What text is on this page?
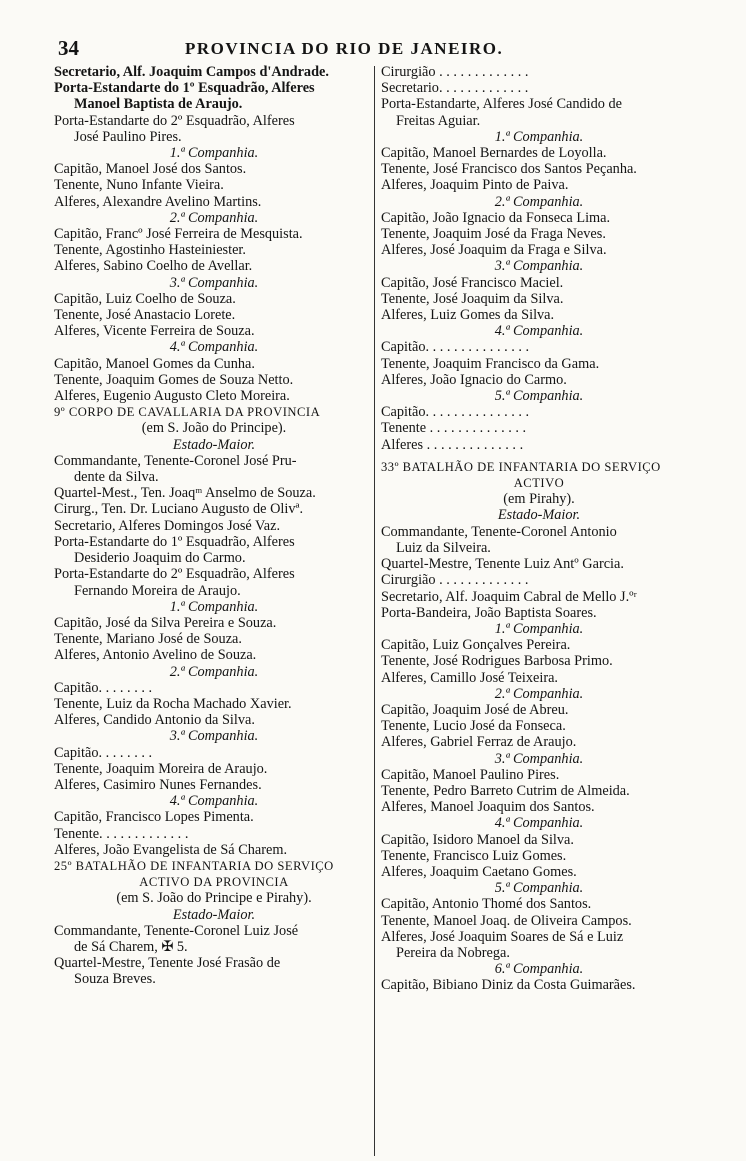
34	PROVINCIA DO RIO DE JANEIRO.
Secretario, Alf. Joaquim Campos d'Andrade.
Porta-Estandarte do 1º Esquadrão, Alferes
Manoel Baptista de Araujo.
Porta-Estandarte do 2º Esquadrão, Alferes
José Paulino Pires.
1.ª Companhia.
Capitão, Manoel José dos Santos.
Tenente, Nuno Infante Vieira.
Alferes, Alexandre Avelino Martins.
2.ª Companhia.
Capitão, Francº José Ferreira de Mesquista.
Tenente, Agostinho Hasteiniester.
Alferes, Sabino Coelho de Avellar.
3.ª Companhia.
Capitão, Luiz Coelho de Souza.
Tenente, José Anastacio Lorete.
Alferes, Vicente Ferreira de Souza.
4.ª Companhia.
Capitão, Manoel Gomes da Cunha.
Tenente, Joaquim Gomes de Souza Netto.
Alferes, Eugenio Augusto Cleto Moreira.
9º CORPO DE CAVALLARIA DA PROVINCIA
(em S. João do Principe).
Estado-Maior.
Commandante, Tenente-Coronel José Pru-
dente da Silva.
Quartel-Mest., Ten. Joaqᵐ Anselmo de Souza.
Cirurg., Ten. Dr. Luciano Augusto de Olivª.
Secretario, Alferes Domingos José Vaz.
Porta-Estandarte do 1º Esquadrão, Alferes
Desiderio Joaquim do Carmo.
Porta-Estandarte do 2º Esquadrão, Alferes
Fernando Moreira de Araujo.
1.ª Companhia.
Capitão, José da Silva Pereira e Souza.
Tenente, Mariano José de Souza.
Alferes, Antonio Avelino de Souza.
2.ª Companhia.
Capitão. . . . . . . .
Tenente, Luiz da Rocha Machado Xavier.
Alferes, Candido Antonio da Silva.
3.ª Companhia.
Capitão. . . . . . . .
Tenente, Joaquim Moreira de Araujo.
Alferes, Casimiro Nunes Fernandes.
4.ª Companhia.
Capitão, Francisco Lopes Pimenta.
Tenente. . . . . . . . . . . . .
Alferes, João Evangelista de Sá Charem.
25º BATALHÃO DE INFANTARIA DO SERVIÇO
ACTIVO DA PROVINCIA
(em S. João do Principe e Pirahy).
Estado-Maior.
Commandante, Tenente-Coronel Luiz José
de Sá Charem, ✠ 5.
Quartel-Mestre, Tenente José Frasão de
Souza Breves.
Cirurgião . . . . . . . . . . . . .
Secretario. . . . . . . . . . . . .
Porta-Estandarte, Alferes José Candido de
Freitas Aguiar.
1.ª Companhia.
Capitão, Manoel Bernardes de Loyolla.
Tenente, José Francisco dos Santos Peçanha.
Alferes, Joaquim Pinto de Paiva.
2.ª Companhia.
Capitão, João Ignacio da Fonseca Lima.
Tenente, Joaquim José da Fraga Neves.
Alferes, José Joaquim da Fraga e Silva.
3.ª Companhia.
Capitão, José Francisco Maciel.
Tenente, José Joaquim da Silva.
Alferes, Luiz Gomes da Silva.
4.ª Companhia.
Capitão. . . . . . . . . . . . . . .
Tenente, Joaquim Francisco da Gama.
Alferes, João Ignacio do Carmo.
5.ª Companhia.
Capitão. . . . . . . . . . . . . . .
Tenente . . . . . . . . . . . . . .
Alferes . . . . . . . . . . . . . .
33º BATALHÃO DE INFANTARIA DO SERVIÇO
ACTIVO
(em Pirahy).
Estado-Maior.
Commandante, Tenente-Coronel Antonio
Luiz da Silveira.
Quartel-Mestre, Tenente Luiz Antº Garcia.
Cirurgião . . . . . . . . . . . . .
Secretario, Alf. Joaquim Cabral de Mello J.ºʳ
Porta-Bandeira, João Baptista Soares.
1.ª Companhia.
Capitão, Luiz Gonçalves Pereira.
Tenente, José Rodrigues Barbosa Primo.
Alferes, Camillo José Teixeira.
2.ª Companhia.
Capitão, Joaquim José de Abreu.
Tenente, Lucio José da Fonseca.
Alferes, Gabriel Ferraz de Araujo.
3.ª Companhia.
Capitão, Manoel Paulino Pires.
Tenente, Pedro Barreto Cutrim de Almeida.
Alferes, Manoel Joaquim dos Santos.
4.ª Companhia.
Capitão, Isidoro Manoel da Silva.
Tenente, Francisco Luiz Gomes.
Alferes, Joaquim Caetano Gomes.
5.ª Companhia.
Capitão, Antonio Thomé dos Santos.
Tenente, Manoel Joaq. de Oliveira Campos.
Alferes, José Joaquim Soares de Sá e Luiz
Pereira da Nobrega.
6.ª Companhia.
Capitão, Bibiano Diniz da Costa Guimarães.
